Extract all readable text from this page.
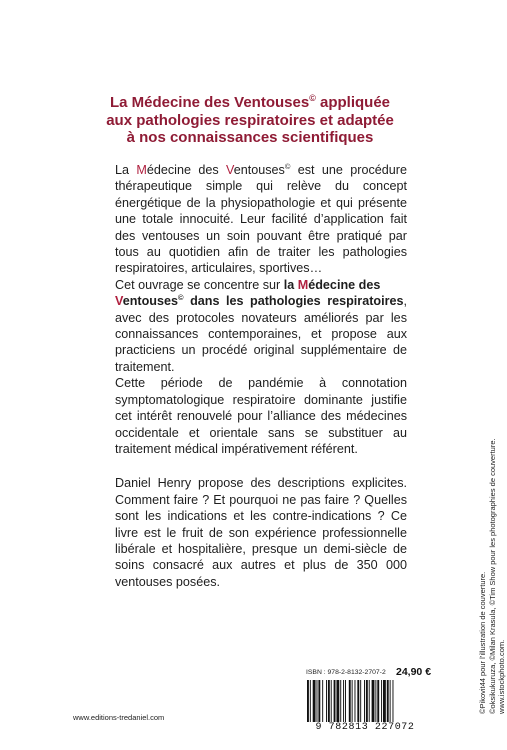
La Médecine des Ventouses© appliquée
aux pathologies respiratoires et adaptée
à nos connaissances scientifiques

La Médecine des Ventouses© est une procédure thérapeutique simple qui relève du concept énergétique de la physiopathologie et qui présente une totale innocuité. Leur facilité d’application fait des ventouses un soin pouvant être pratiqué par tous au quotidien afin de traiter les pathologies respiratoires, articulaires, sportives…

Cet ouvrage se concentre sur la Médecine des
Ventouses© dans les pathologies respiratoires, avec des protocoles novateurs améliorés par les connaissances contemporaines, et propose aux practiciens un procédé original supplémentaire de traitement.

Cette période de pandémie à connotation symptomatologique respiratoire dominante justifie cet intérêt renouvelé pour l’alliance des médecines occidentale et orientale sans se substituer au traitement médical impérativement référent.

Daniel Henry propose des descriptions explicites. Comment faire ? Et pourquoi ne pas faire ? Quelles sont les indications et les contre-indications ? Ce livre est le fruit de son expérience professionnelle libérale et hospitalière, presque un demi-siècle de soins consacré aux autres et plus de 350 000 ventouses posées.	©Pikovit44 pour l’illustration de couverture. ©oksikukuruza, ©Milan Krasula, ©Tim Show pour les photographies de couverture. www.istockphoto.com.
ISBN : 978-2-8132-2707-2 24,90 €
9 782813 227072
www.editions-tredaniel.com
